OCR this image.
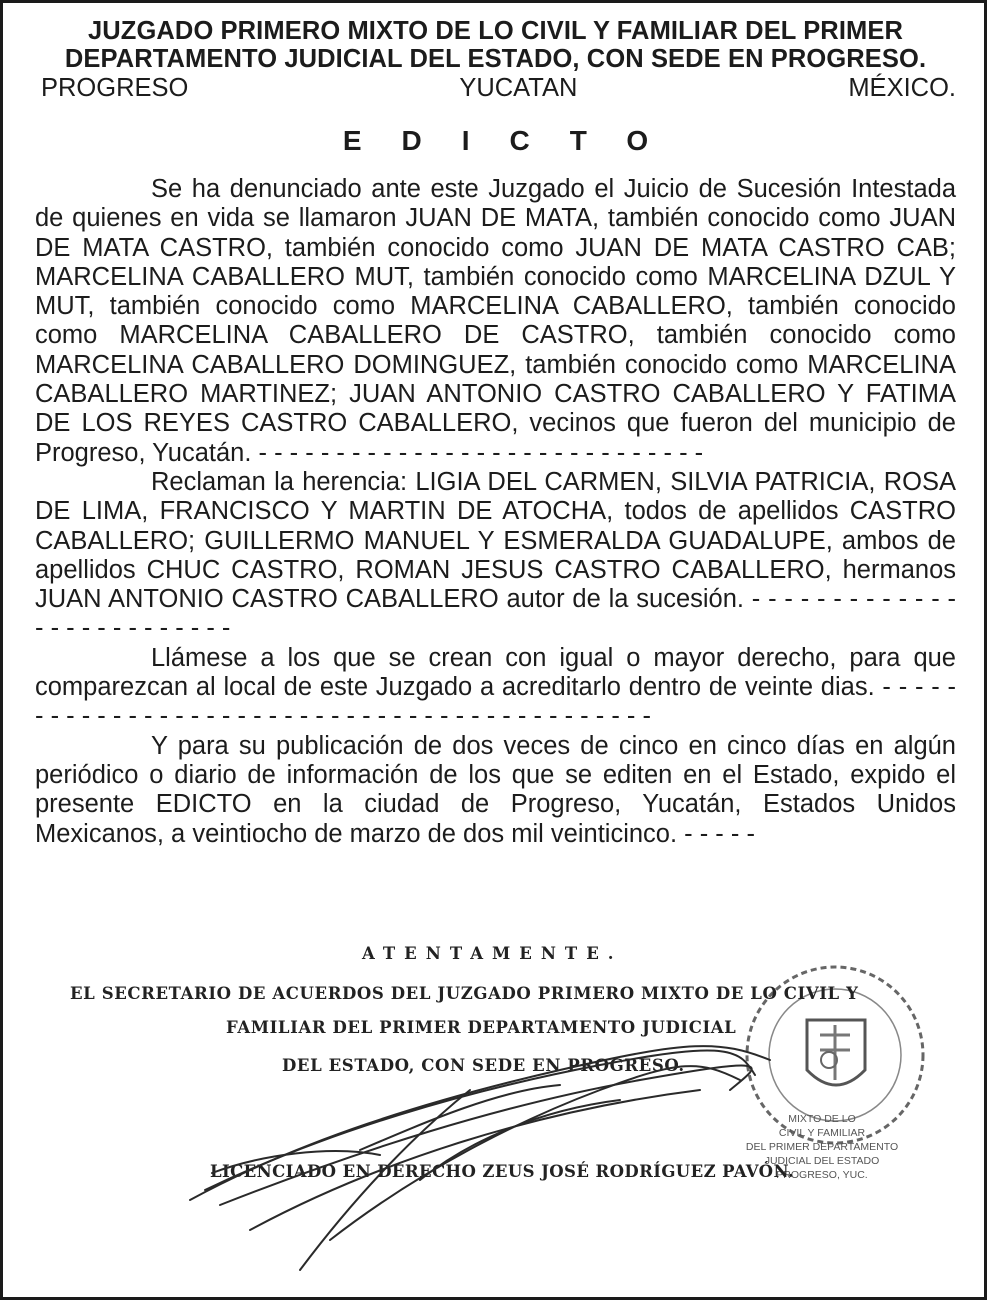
JUZGADO PRIMERO MIXTO DE LO CIVIL Y FAMILIAR DEL PRIMER DEPARTAMENTO JUDICIAL DEL ESTADO, CON SEDE EN PROGRESO.
PROGRESO	YUCATAN	MÉXICO.
EDICTO

Se ha denunciado ante este Juzgado el Juicio de Sucesión Intestada de quienes en vida se llamaron JUAN DE MATA, también conocido como JUAN DE MATA CASTRO, también conocido como JUAN DE MATA CASTRO CAB; MARCELINA CABALLERO MUT, también conocido como MARCELINA DZUL Y MUT, también conocido como MARCELINA CABALLERO, también conocido como MARCELINA CABALLERO DE CASTRO, también conocido como MARCELINA CABALLERO DOMINGUEZ, también conocido como MARCELINA CABALLERO MARTINEZ; JUAN ANTONIO CASTRO CABALLERO Y FATIMA DE LOS REYES CASTRO CABALLERO, vecinos que fueron del municipio de Progreso, Yucatán. - - - - - - - - - - - - - - - - - - - - - - - - - - - - -

Reclaman la herencia: LIGIA DEL CARMEN, SILVIA PATRICIA, ROSA DE LIMA, FRANCISCO Y MARTIN DE ATOCHA, todos de apellidos CASTRO CABALLERO; GUILLERMO MANUEL Y ESMERALDA GUADALUPE, ambos de apellidos CHUC CASTRO, ROMAN JESUS CASTRO CABALLERO, hermanos JUAN ANTONIO CASTRO CABALLERO autor de la sucesión. - - - - - - - - - - - - - - - - - - - - - - - - - -

Llámese a los que se crean con igual o mayor derecho, para que comparezcan al local de este Juzgado a acreditarlo dentro de veinte dias. - - - - - - - - - - - - - - - - - - - - - - - - - - - - - - - - - - - - - - - - - - - - -

Y para su publicación de dos veces de cinco en cinco días en algún periódico o diario de información de los que se editen en el Estado, expido el presente EDICTO en la ciudad de Progreso, Yucatán, Estados Unidos Mexicanos, a veintiocho de marzo de dos mil veinticinco. - - - - -

MIXTO DE LO
CIVIL Y FAMILIAR
DEL PRIMER DEPARTAMENTO
JUDICIAL DEL ESTADO
PROGRESO, YUC.
ATENTAMENTE.
EL SECRETARIO DE ACUERDOS DEL JUZGADO PRIMERO MIXTO DE LO CIVIL Y
FAMILIAR DEL PRIMER DEPARTAMENTO JUDICIAL
DEL ESTADO, CON SEDE EN PROGRESO.
LICENCIADO EN DERECHO ZEUS JOSÉ RODRÍGUEZ PAVÓN.
